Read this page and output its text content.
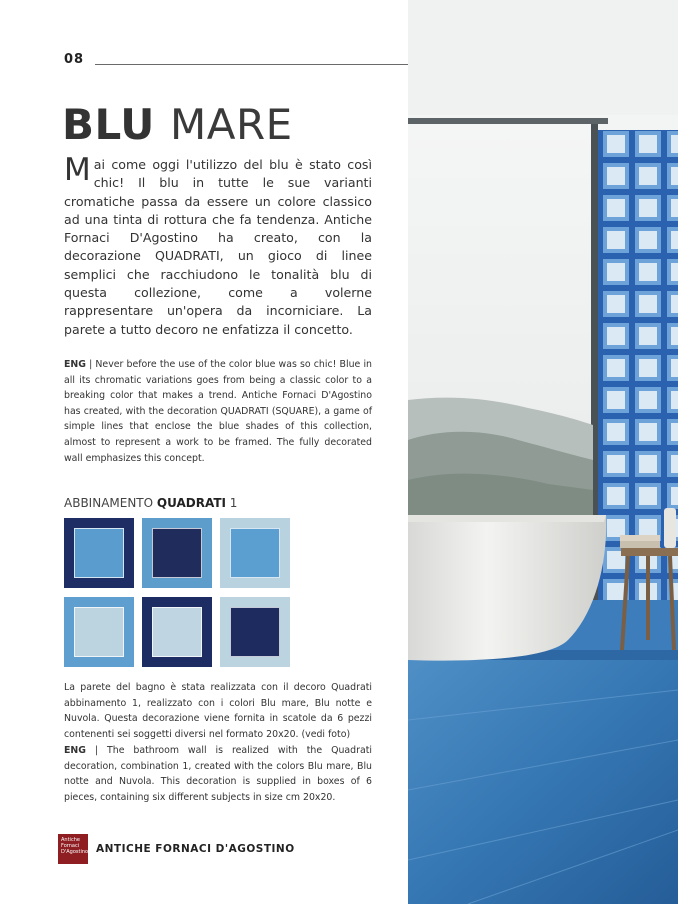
08
BLU MARE

Mai come oggi l'utilizzo del blu è stato così chic! Il blu in tutte le sue varianti cromatiche passa da essere un colore classico ad una tinta di rottura che fa tendenza. Antiche Fornaci D'Agostino ha creato, con la decorazione QUADRATI, un gioco di linee semplici che racchiudono le tonalità blu di questa collezione, come a volerne rappresentare un'opera da incorniciare. La parete a tutto decoro ne enfatizza il concetto.

ENG | Never before the use of the color blue was so chic! Blue in all its chromatic variations goes from being a classic color to a breaking color that makes a trend. Antiche Fornaci D'Agostino has created, with the decoration QUADRATI (SQUARE), a game of simple lines that enclose the blue shades of this collection, almost to represent a work to be framed. The fully decorated wall emphasizes this concept.

ABBINAMENTO QUADRATI 1

La parete del bagno è stata realizzata con il decoro Quadrati abbinamento 1, realizzato con i colori Blu mare, Blu notte e Nuvola. Questa decorazione viene fornita in scatole da 6 pezzi contenenti sei soggetti diversi nel formato 20x20. (vedi foto)

ENG | The bathroom wall is realized with the Quadrati decoration, combination 1, created with the colors Blu mare, Blu notte and Nuvola. This decoration is supplied in boxes of 6 pieces, containing six different subjects in size cm 20x20.

Antiche Fornaci D'Agostino ANTICHE FORNACI D'AGOSTINO
